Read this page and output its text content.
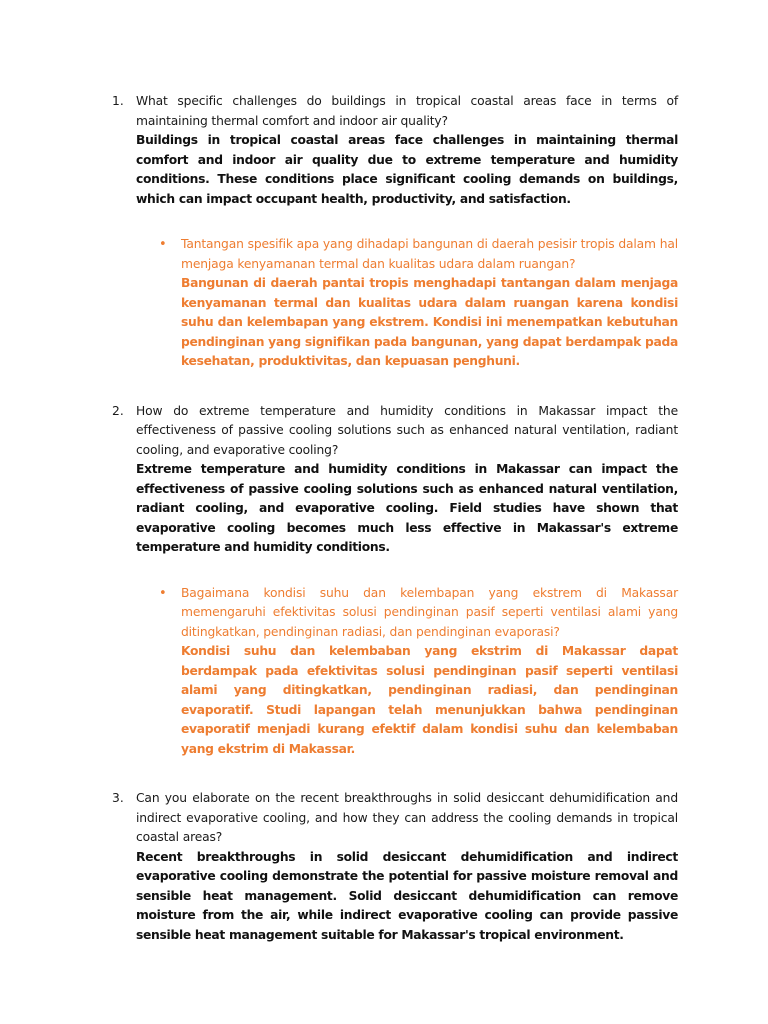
1. What specific challenges do buildings in tropical coastal areas face in terms of maintaining thermal comfort and indoor air quality?
Buildings in tropical coastal areas face challenges in maintaining thermal comfort and indoor air quality due to extreme temperature and humidity conditions. These conditions place significant cooling demands on buildings, which can impact occupant health, productivity, and satisfaction.
• Tantangan spesifik apa yang dihadapi bangunan di daerah pesisir tropis dalam hal menjaga kenyamanan termal dan kualitas udara dalam ruangan?
Bangunan di daerah pantai tropis menghadapi tantangan dalam menjaga kenyamanan termal dan kualitas udara dalam ruangan karena kondisi suhu dan kelembapan yang ekstrem. Kondisi ini menempatkan kebutuhan pendinginan yang signifikan pada bangunan, yang dapat berdampak pada kesehatan, produktivitas, dan kepuasan penghuni.
2. How do extreme temperature and humidity conditions in Makassar impact the effectiveness of passive cooling solutions such as enhanced natural ventilation, radiant cooling, and evaporative cooling?
Extreme temperature and humidity conditions in Makassar can impact the effectiveness of passive cooling solutions such as enhanced natural ventilation, radiant cooling, and evaporative cooling. Field studies have shown that evaporative cooling becomes much less effective in Makassar's extreme temperature and humidity conditions.
• Bagaimana kondisi suhu dan kelembapan yang ekstrem di Makassar memengaruhi efektivitas solusi pendinginan pasif seperti ventilasi alami yang ditingkatkan, pendinginan radiasi, dan pendinginan evaporasi?
Kondisi suhu dan kelembaban yang ekstrim di Makassar dapat berdampak pada efektivitas solusi pendinginan pasif seperti ventilasi alami yang ditingkatkan, pendinginan radiasi, dan pendinginan evaporatif. Studi lapangan telah menunjukkan bahwa pendinginan evaporatif menjadi kurang efektif dalam kondisi suhu dan kelembaban yang ekstrim di Makassar.
3. Can you elaborate on the recent breakthroughs in solid desiccant dehumidification and indirect evaporative cooling, and how they can address the cooling demands in tropical coastal areas?
Recent breakthroughs in solid desiccant dehumidification and indirect evaporative cooling demonstrate the potential for passive moisture removal and sensible heat management. Solid desiccant dehumidification can remove moisture from the air, while indirect evaporative cooling can provide passive sensible heat management suitable for Makassar's tropical environment.
